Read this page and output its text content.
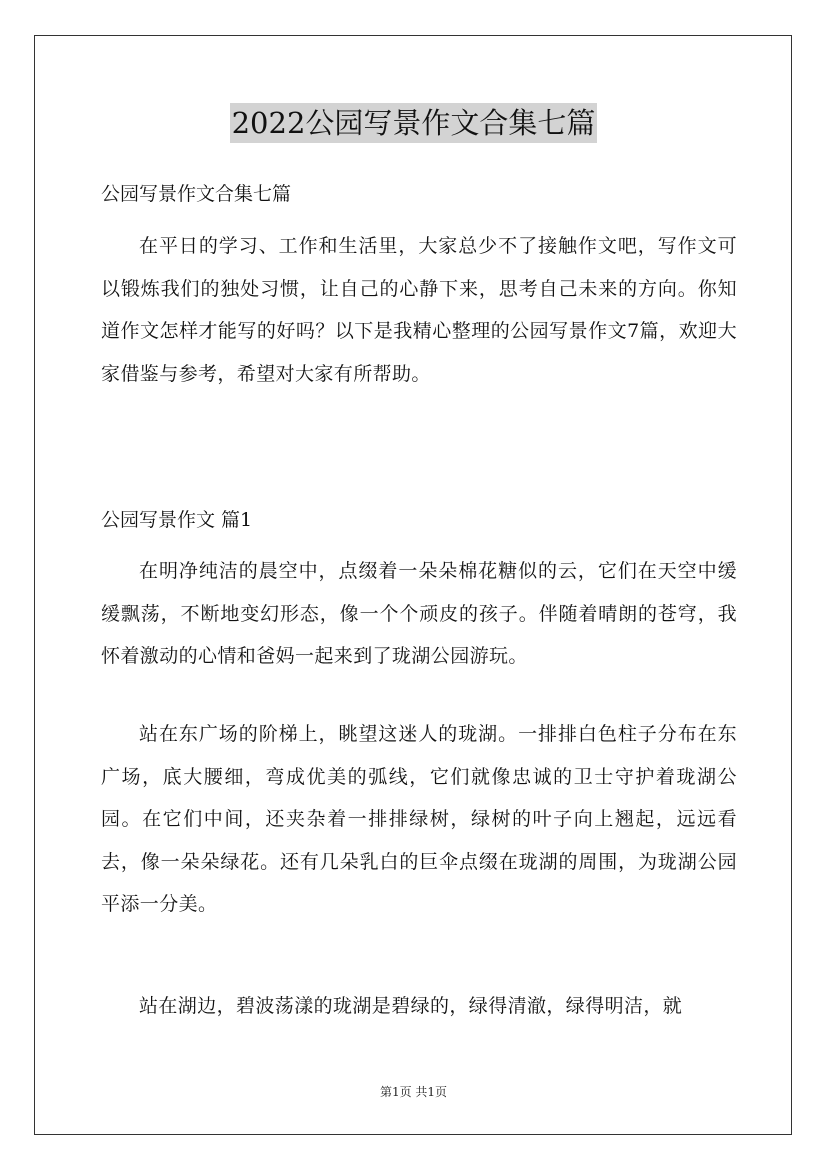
2022公园写景作文合集七篇

公园写景作文合集七篇

在平日的学习、工作和生活里，大家总少不了接触作文吧，写作文可以锻炼我们的独处习惯，让自己的心静下来，思考自己未来的方向。你知道作文怎样才能写的好吗？以下是我精心整理的公园写景作文7篇，欢迎大家借鉴与参考，希望对大家有所帮助。

公园写景作文 篇1

在明净纯洁的晨空中，点缀着一朵朵棉花糖似的云，它们在天空中缓缓飘荡，不断地变幻形态，像一个个顽皮的孩子。伴随着晴朗的苍穹，我怀着激动的心情和爸妈一起来到了珑湖公园游玩。

站在东广场的阶梯上，眺望这迷人的珑湖。一排排白色柱子分布在东广场，底大腰细，弯成优美的弧线，它们就像忠诚的卫士守护着珑湖公园。在它们中间，还夹杂着一排排绿树，绿树的叶子向上翘起，远远看去，像一朵朵绿花。还有几朵乳白的巨伞点缀在珑湖的周围，为珑湖公园平添一分美。

站在湖边，碧波荡漾的珑湖是碧绿的，绿得清澈，绿得明洁，就

第1页 共1页
